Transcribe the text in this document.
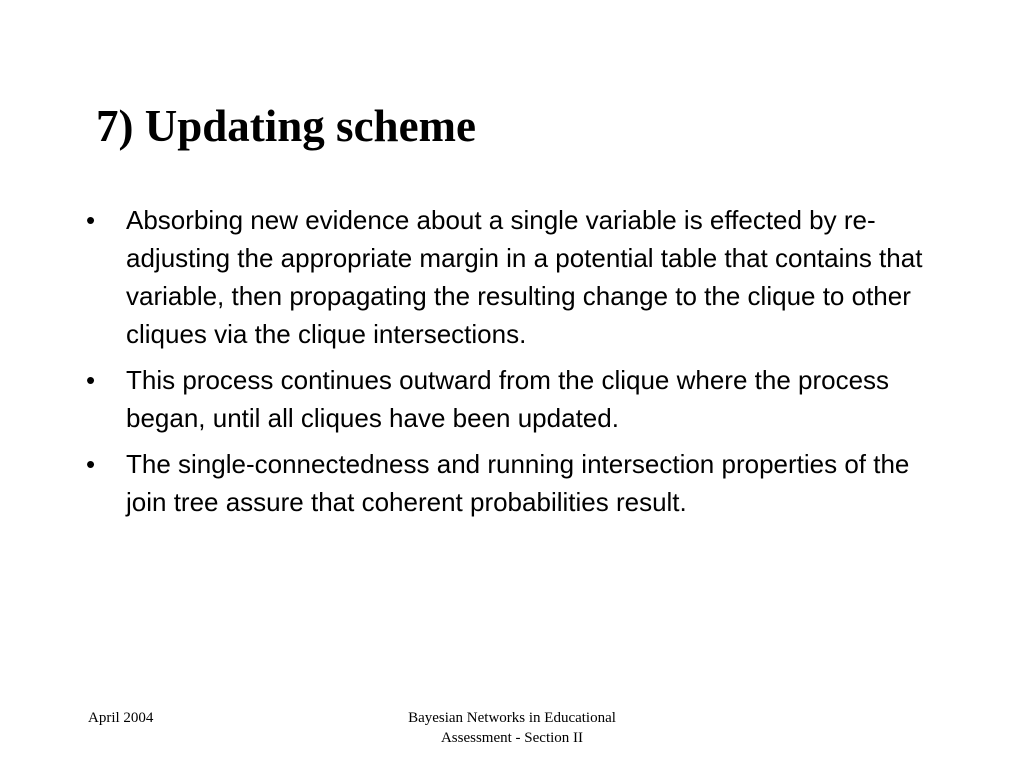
7) Updating scheme
•	Absorbing new evidence about a single variable is effected by re-adjusting the appropriate margin in a potential table that contains that variable, then propagating the resulting change to the clique to other cliques via the clique intersections.
•	This process continues outward from the clique where the process began, until all cliques have been updated.
•	The single-connectedness and running intersection properties of the join tree assure that coherent probabilities result.
April 2004	Bayesian Networks in Educational
Assessment - Section II
